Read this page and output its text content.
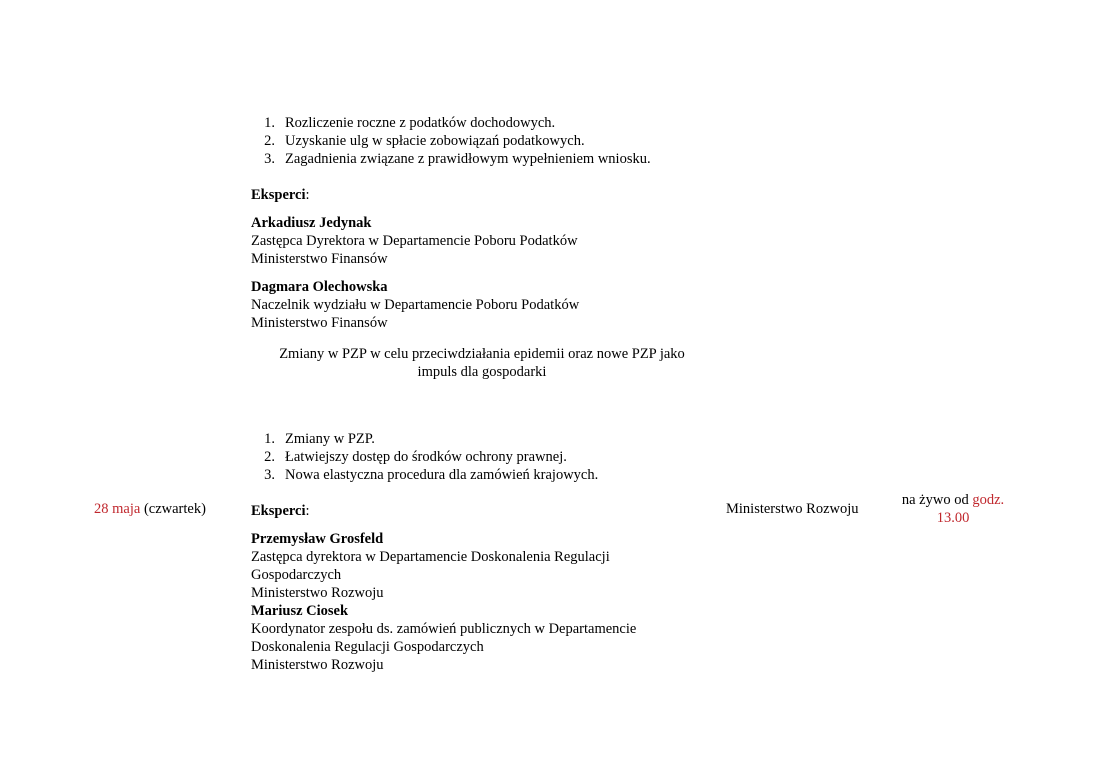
1. Rozliczenie roczne z podatków dochodowych.
2. Uzyskanie ulg w spłacie zobowiązań podatkowych.
3. Zagadnienia związane z prawidłowym wypełnieniem wniosku.
Eksperci:
Arkadiusz Jedynak
Zastępca Dyrektora w Departamencie Poboru Podatków
Ministerstwo Finansów
Dagmara Olechowska
Naczelnik wydziału w Departamencie Poboru Podatków
Ministerstwo Finansów
Zmiany w PZP w celu przeciwdziałania epidemii oraz nowe PZP jako
impuls dla gospodarki
1. Zmiany w PZP.
2. Łatwiejszy dostęp do środków ochrony prawnej.
3. Nowa elastyczna procedura dla zamówień krajowych.
28 maja (czwartek)	Eksperci:	Ministerstwo Rozwoju
na żywo od godz.
13.00
Przemysław Grosfeld
Zastępca dyrektora w Departamencie Doskonalenia Regulacji
Gospodarczych
Ministerstwo Rozwoju
Mariusz Ciosek
Koordynator zespołu ds. zamówień publicznych w Departamencie
Doskonalenia Regulacji Gospodarczych
Ministerstwo Rozwoju
